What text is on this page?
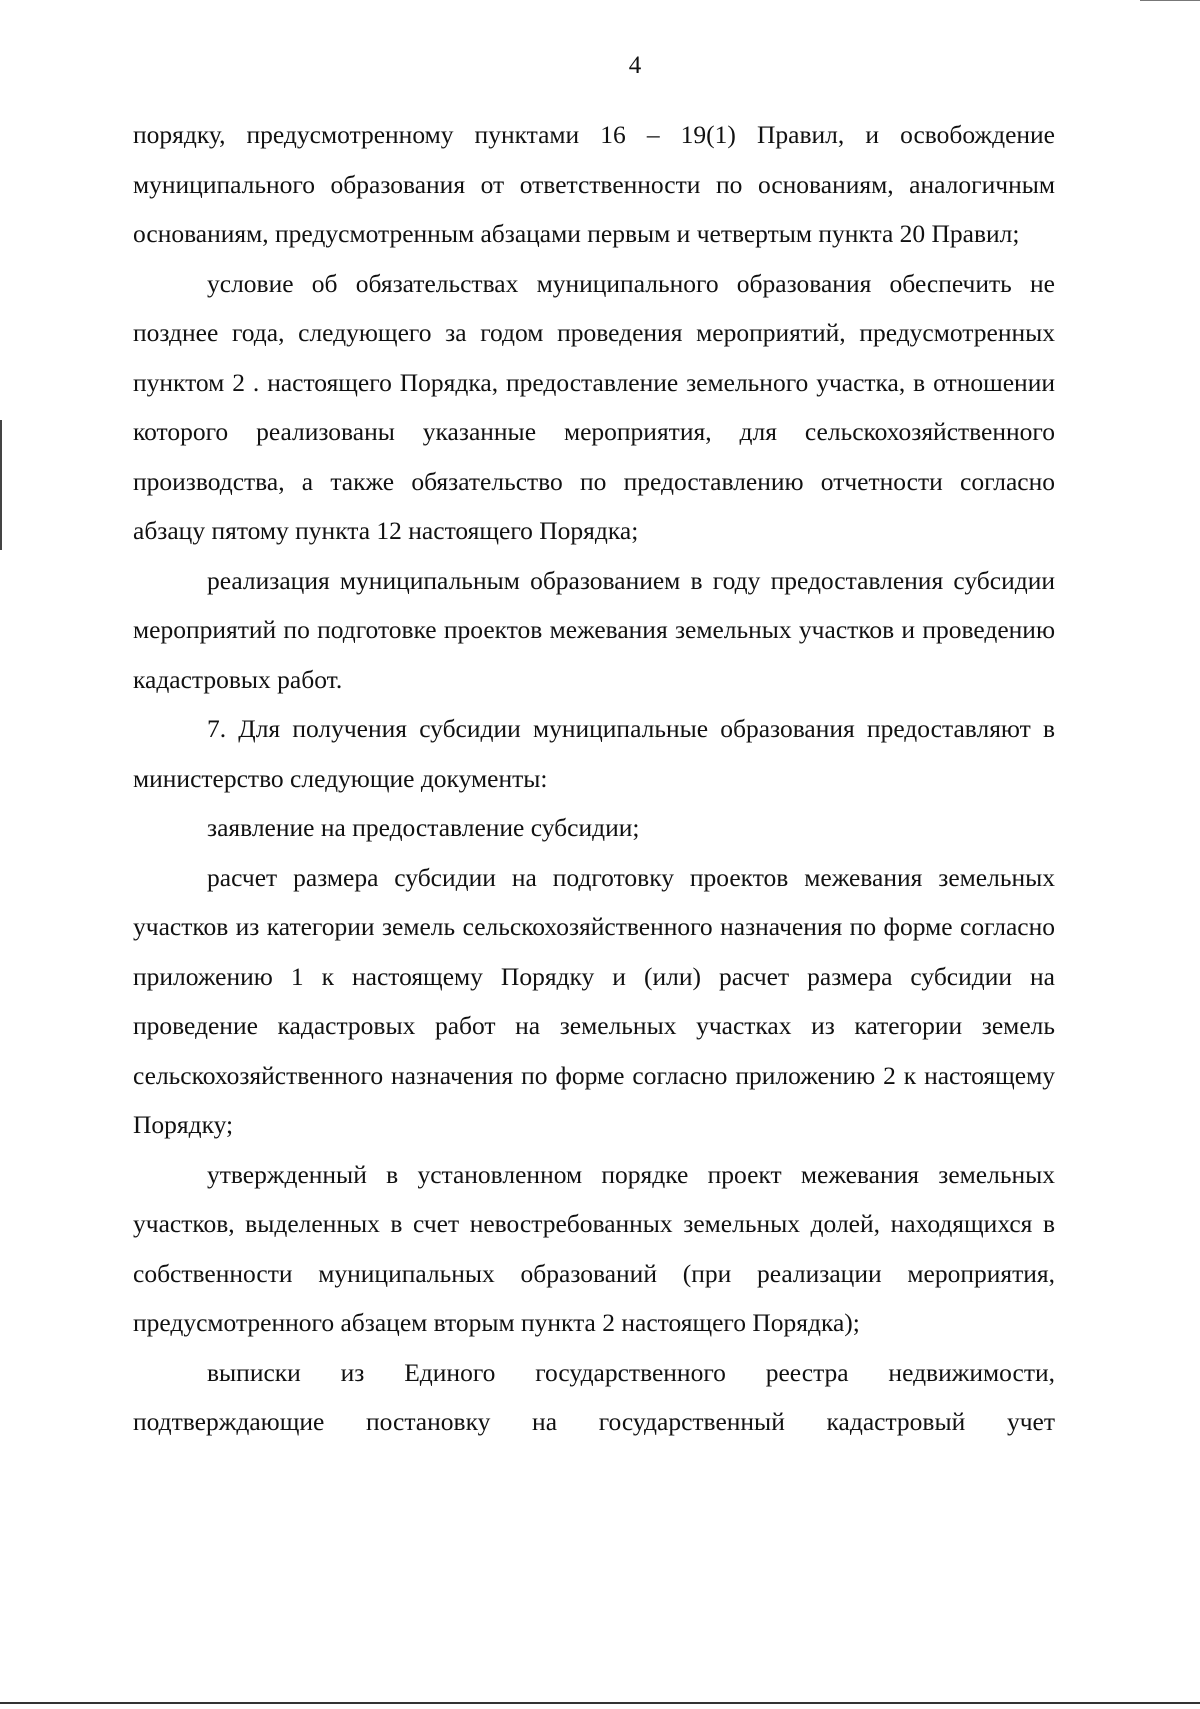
4

порядку, предусмотренному пунктами 16 – 19(1) Правил, и освобождение муниципального образования от ответственности по основаниям, аналогичным основаниям, предусмотренным абзацами первым и четвертым пункта 20 Правил;

условие об обязательствах муниципального образования обеспечить не позднее года, следующего за годом проведения мероприятий, предусмотренных пунктом 2 . настоящего Порядка, предоставление земельного участка, в отношении которого реализованы указанные мероприятия, для сельскохозяйственного производства, а также обязательство по предоставлению отчетности согласно абзацу пятому пункта 12 настоящего Порядка;

реализация муниципальным образованием в году предоставления субсидии мероприятий по подготовке проектов межевания земельных участков и проведению кадастровых работ.

7. Для получения субсидии муниципальные образования предоставляют в министерство следующие документы:

заявление на предоставление субсидии;

расчет размера субсидии на подготовку проектов межевания земельных участков из категории земель сельскохозяйственного назначения по форме согласно приложению 1 к настоящему Порядку и (или) расчет размера субсидии на проведение кадастровых работ на земельных участках из категории земель сельскохозяйственного назначения по форме согласно приложению 2 к настоящему Порядку;

утвержденный в установленном порядке проект межевания земельных участков, выделенных в счет невостребованных земельных долей, находящихся в собственности муниципальных образований (при реализации мероприятия, предусмотренного абзацем вторым пункта 2 настоящего Порядка);

выписки из Единого государственного реестра недвижимости, подтверждающие постановку на государственный кадастровый учет
